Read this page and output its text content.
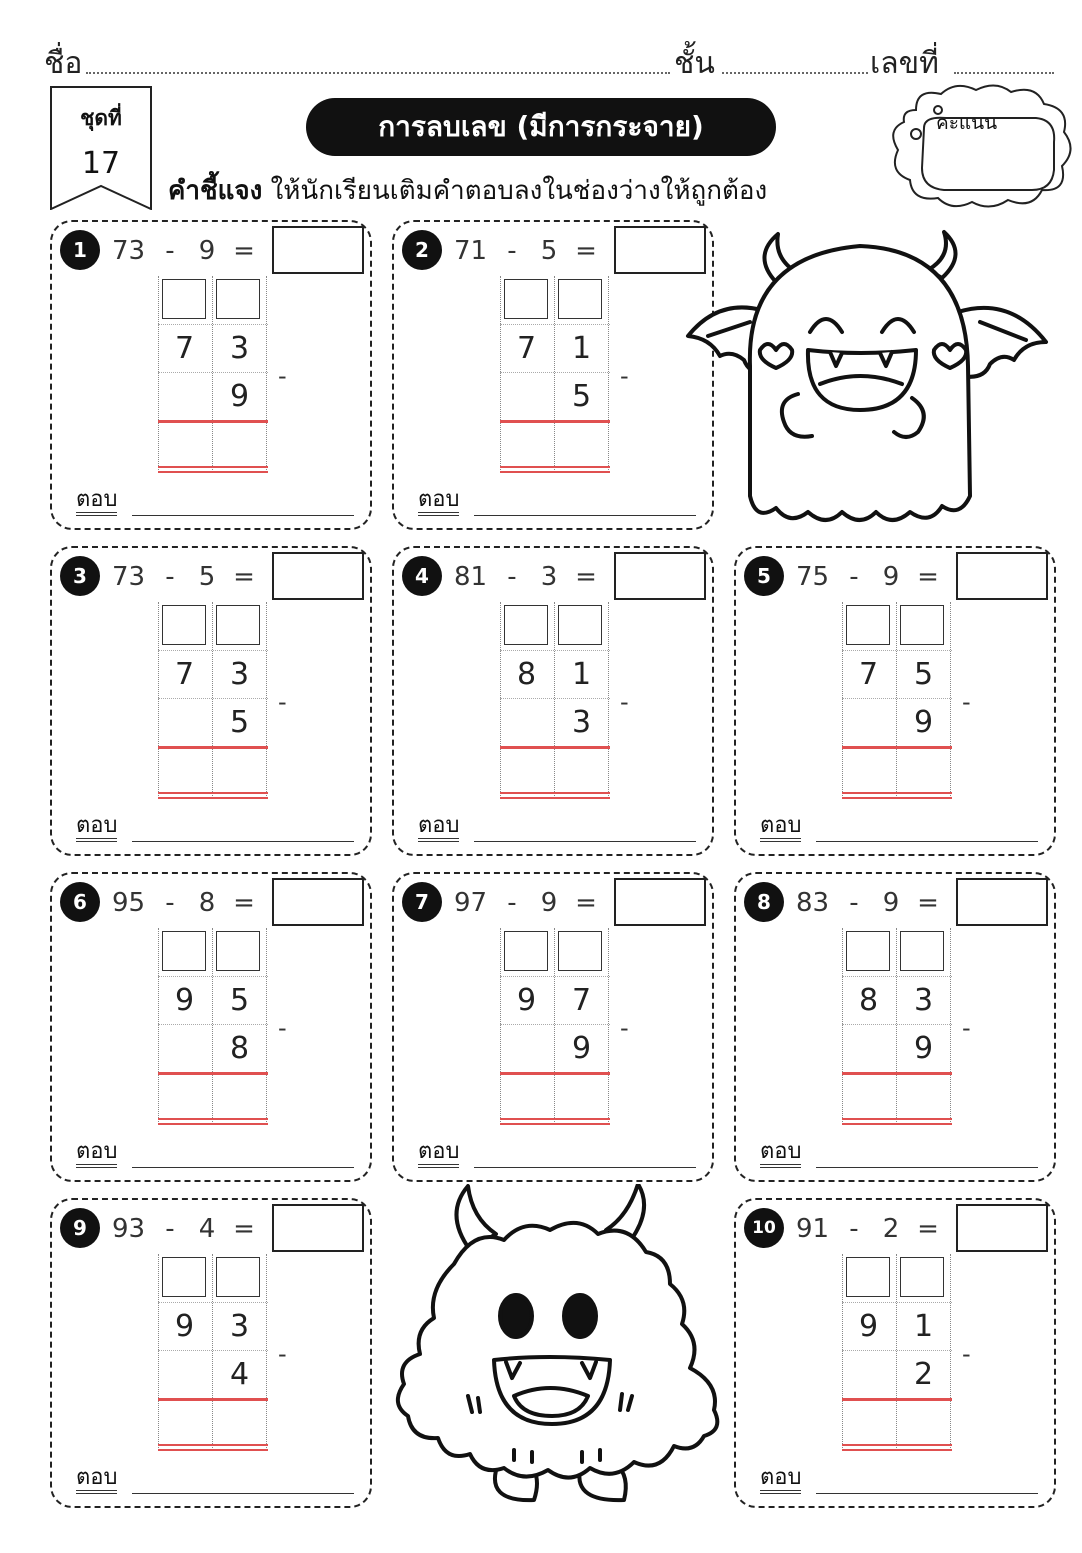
ชื่อ	ชั้น	เลขที่
ชุดที่
17
การลบเลข (มีการกระจาย)
คำชี้แจง ให้นักเรียนเติมคำตอบลงในช่องว่างให้ถูกต้อง
คะแนน
1 73 - 9 =
7	3
9
-
ตอบ
2 71 - 5 =
7	1
5
-
ตอบ
3 73 - 5 =
7	3
5
-
ตอบ
4 81 - 3 =
8	1
3
-
ตอบ
5 75 - 9 =
7	5
9
-
ตอบ
6 95 - 8 =
9	5
8
-
ตอบ
7 97 - 9 =
9	7
9
-
ตอบ
8 83 - 9 =
8	3
9
-
ตอบ
9 93 - 4 =
9	3
4
-
ตอบ
10 91 - 2 =
9	1
2
-
ตอบ
